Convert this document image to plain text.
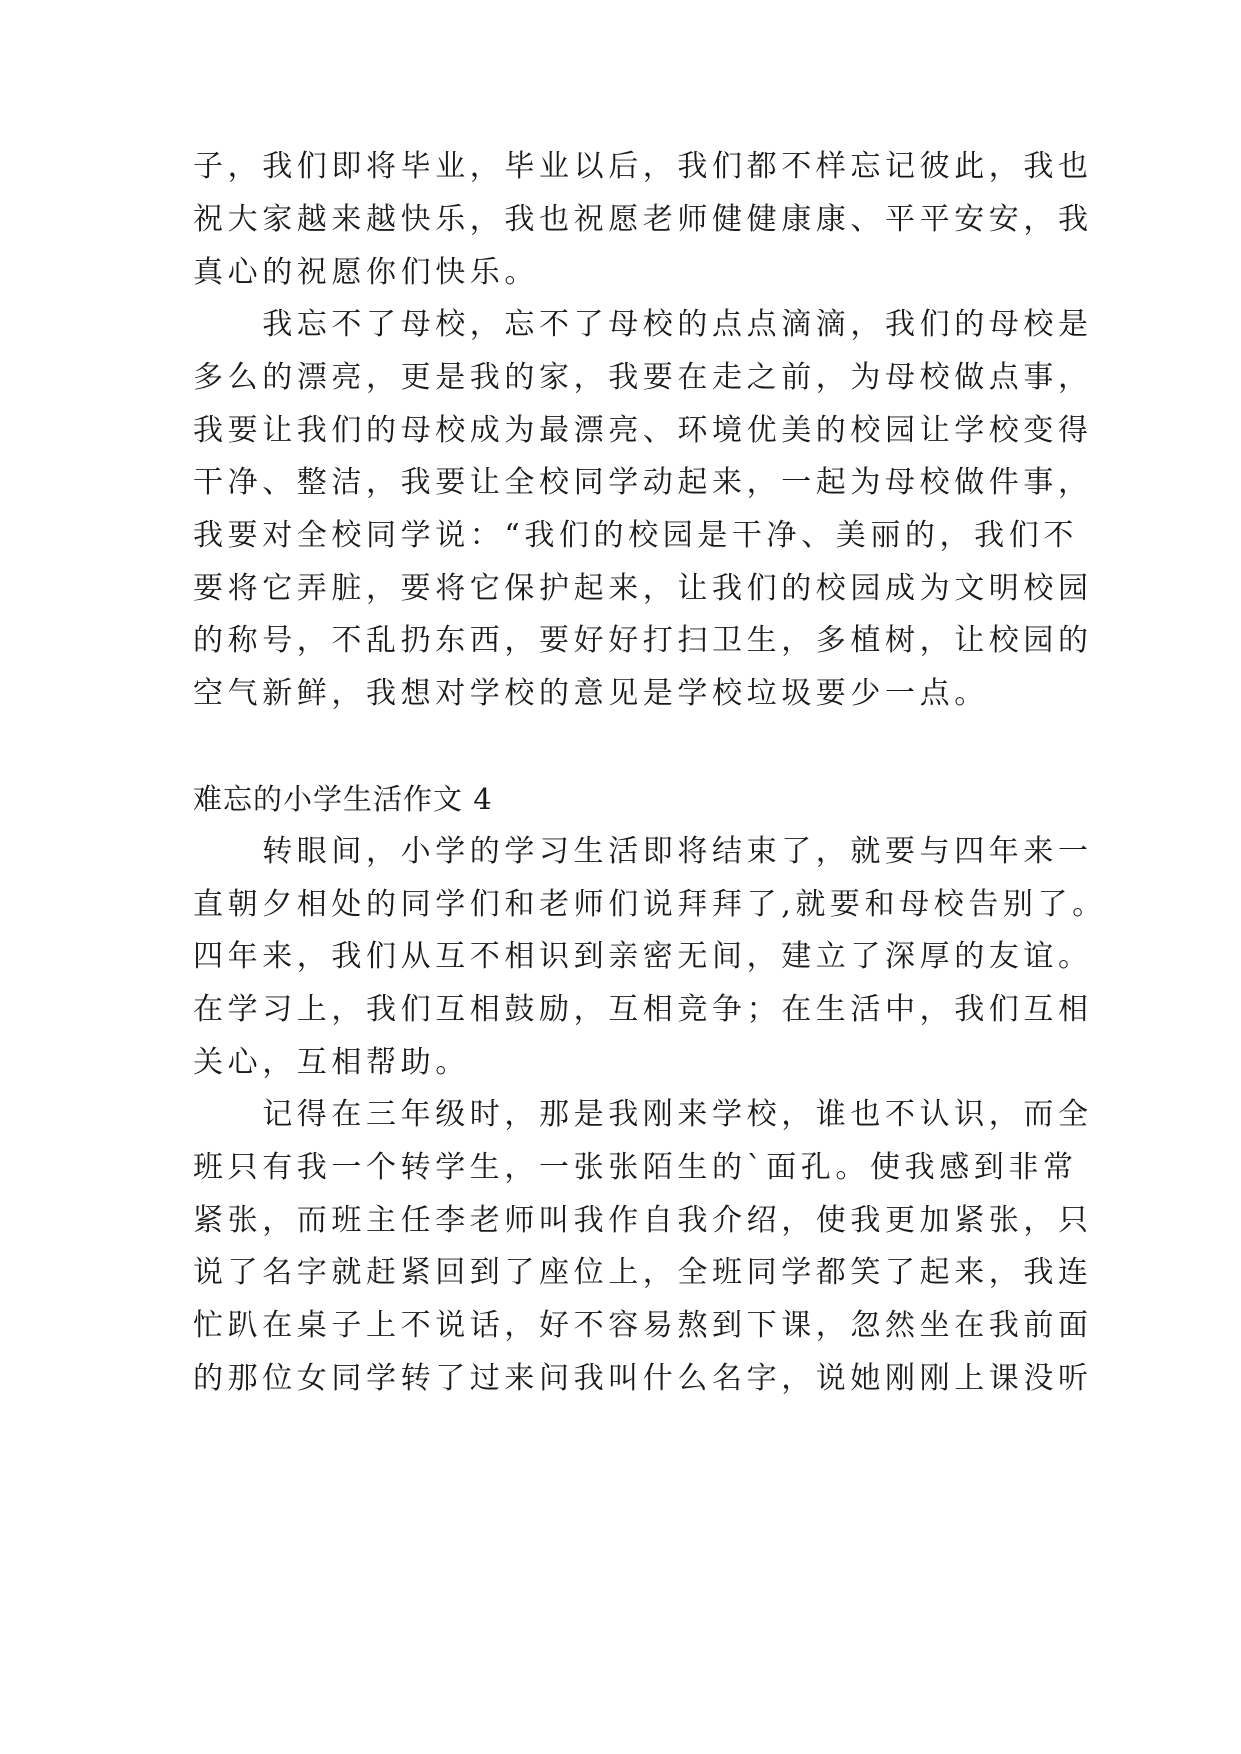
子，我们即将毕业，毕业以后，我们都不样忘记彼此，我也
祝大家越来越快乐，我也祝愿老师健健康康、平平安安，我
真心的祝愿你们快乐。
　　我忘不了母校，忘不了母校的点点滴滴，我们的母校是
多么的漂亮，更是我的家，我要在走之前，为母校做点事，
我要让我们的母校成为最漂亮、环境优美的校园让学校变得
干净、整洁，我要让全校同学动起来，一起为母校做件事，
我要对全校同学说：“我们的校园是干净、美丽的，我们不
要将它弄脏，要将它保护起来，让我们的校园成为文明校园
的称号，不乱扔东西，要好好打扫卫生，多植树，让校园的
空气新鲜，我想对学校的意见是学校垃圾要少一点。
难忘的小学生活作文 4
　　转眼间，小学的学习生活即将结束了，就要与四年来一
直朝夕相处的同学们和老师们说拜拜了,就要和母校告别了。
四年来，我们从互不相识到亲密无间，建立了深厚的友谊。
在学习上，我们互相鼓励，互相竞争；在生活中，我们互相
关心，互相帮助。
　　记得在三年级时，那是我刚来学校，谁也不认识，而全
班只有我一个转学生，一张张陌生的`面孔。使我感到非常
紧张，而班主任李老师叫我作自我介绍，使我更加紧张，只
说了名字就赶紧回到了座位上，全班同学都笑了起来，我连
忙趴在桌子上不说话，好不容易熬到下课，忽然坐在我前面
的那位女同学转了过来问我叫什么名字，说她刚刚上课没听
